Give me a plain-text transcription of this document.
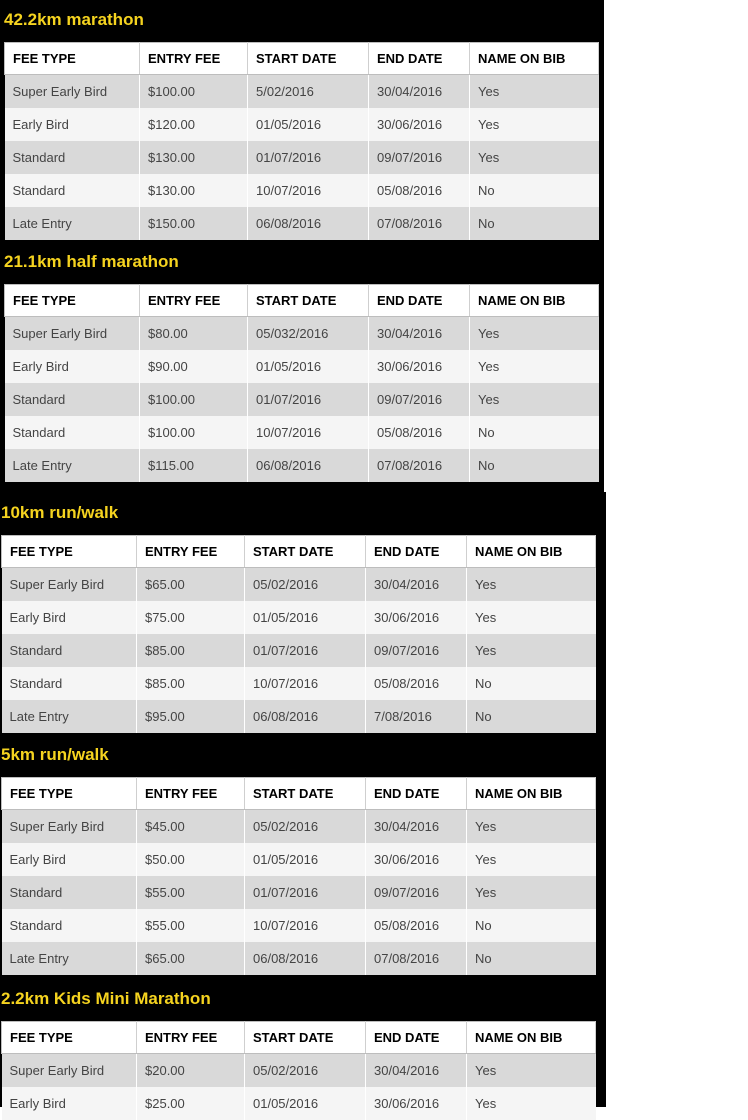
42.2km marathon
FEE TYPE	ENTRY FEE	START DATE	END DATE	NAME ON BIB
Super Early Bird	$100.00	5/02/2016	30/04/2016	Yes
Early Bird	$120.00	01/05/2016	30/06/2016	Yes
Standard	$130.00	01/07/2016	09/07/2016	Yes
Standard	$130.00	10/07/2016	05/08/2016	No
Late Entry	$150.00	06/08/2016	07/08/2016	No
21.1km half marathon
FEE TYPE	ENTRY FEE	START DATE	END DATE	NAME ON BIB
Super Early Bird	$80.00	05/032/2016	30/04/2016	Yes
Early Bird	$90.00	01/05/2016	30/06/2016	Yes
Standard	$100.00	01/07/2016	09/07/2016	Yes
Standard	$100.00	10/07/2016	05/08/2016	No
Late Entry	$115.00	06/08/2016	07/08/2016	No
10km run/walk
FEE TYPE	ENTRY FEE	START DATE	END DATE	NAME ON BIB
Super Early Bird	$65.00	05/02/2016	30/04/2016	Yes
Early Bird	$75.00	01/05/2016	30/06/2016	Yes
Standard	$85.00	01/07/2016	09/07/2016	Yes
Standard	$85.00	10/07/2016	05/08/2016	No
Late Entry	$95.00	06/08/2016	7/08/2016	No
5km run/walk
FEE TYPE	ENTRY FEE	START DATE	END DATE	NAME ON BIB
Super Early Bird	$45.00	05/02/2016	30/04/2016	Yes
Early Bird	$50.00	01/05/2016	30/06/2016	Yes
Standard	$55.00	01/07/2016	09/07/2016	Yes
Standard	$55.00	10/07/2016	05/08/2016	No
Late Entry	$65.00	06/08/2016	07/08/2016	No
2.2km Kids Mini Marathon
FEE TYPE	ENTRY FEE	START DATE	END DATE	NAME ON BIB
Super Early Bird	$20.00	05/02/2016	30/04/2016	Yes
Early Bird	$25.00	01/05/2016	30/06/2016	Yes
